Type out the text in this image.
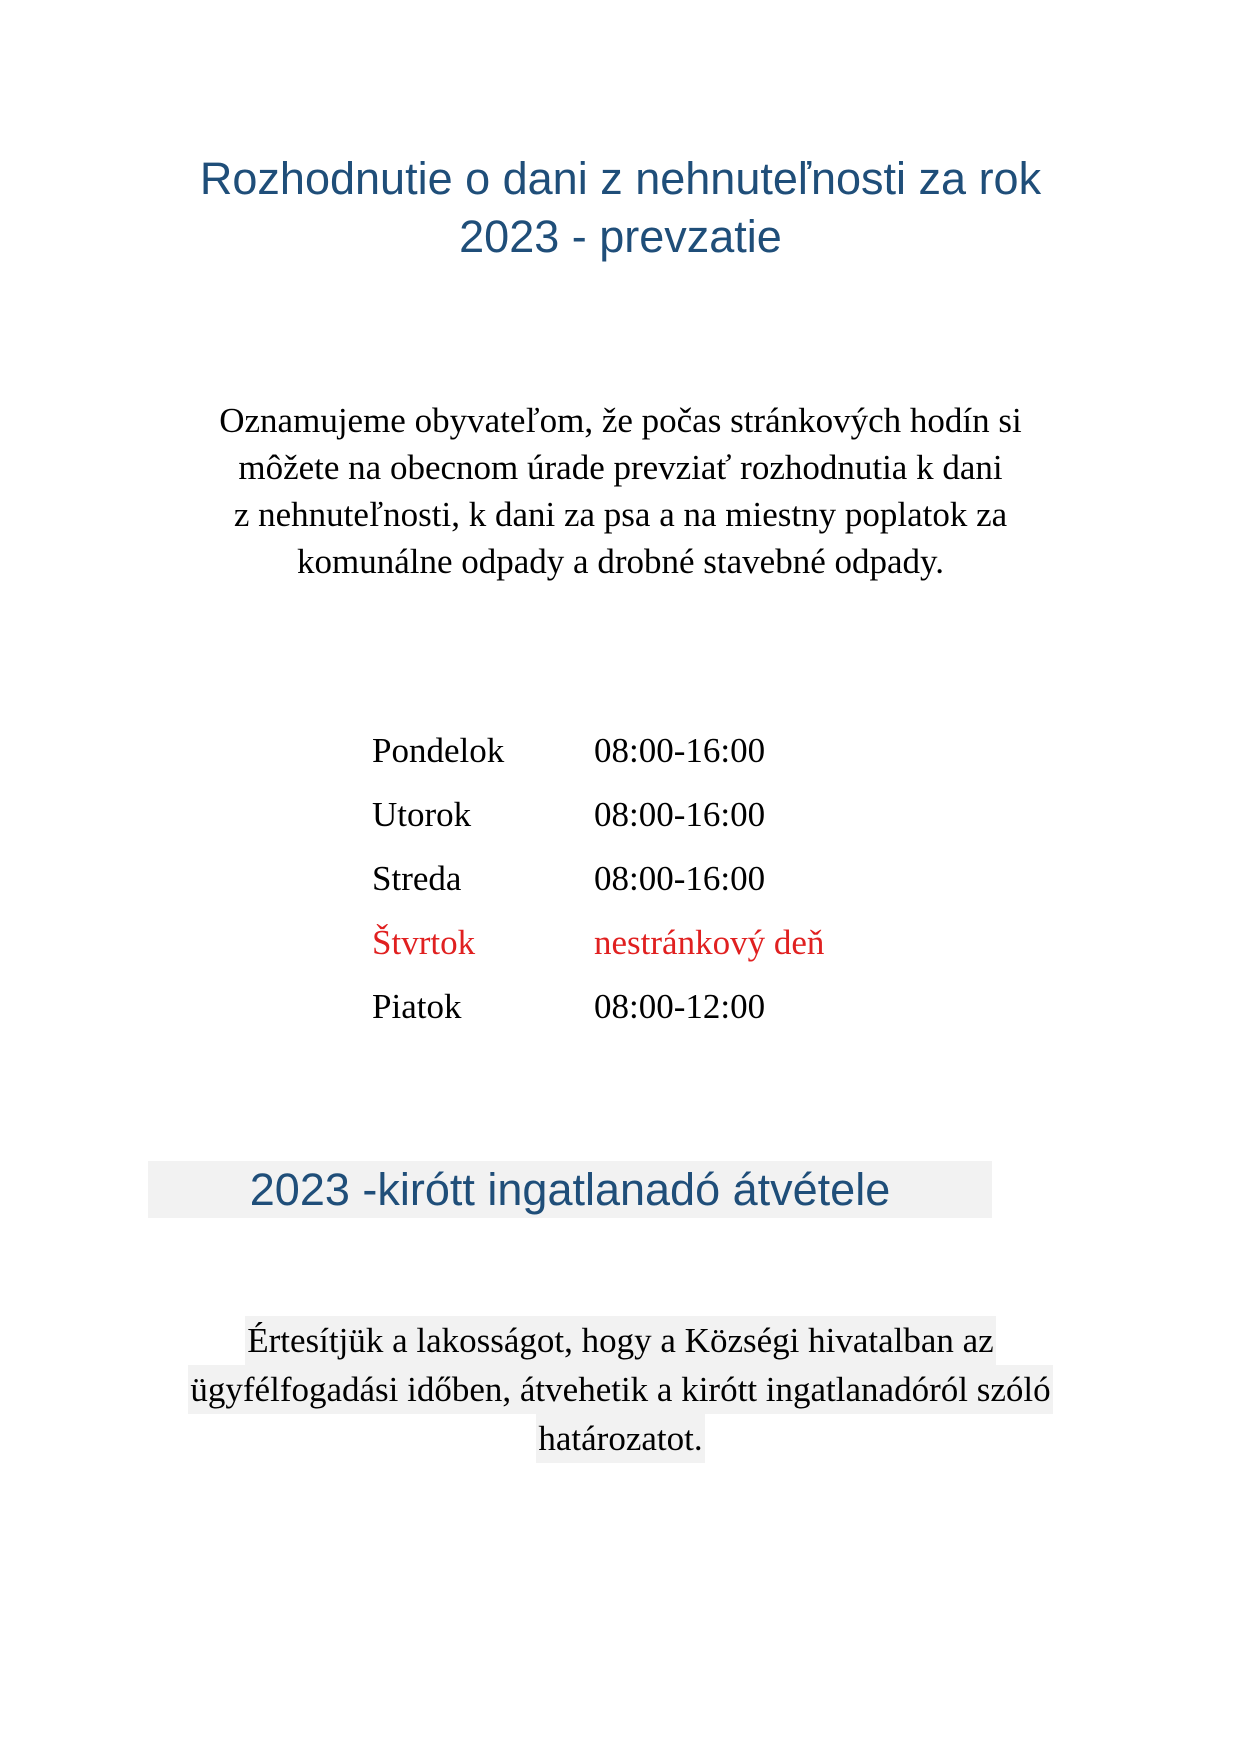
Rozhodnutie o dani z nehnuteľnosti za rok
2023 - prevzatie
Oznamujeme obyvateľom, že počas stránkových hodín si
môžete na obecnom úrade prevziať rozhodnutia k dani
z nehnuteľnosti, k dani za psa a na miestny poplatok za
komunálne odpady a drobné stavebné odpady.
Pondelok	08:00-16:00
Utorok	08:00-16:00
Streda	08:00-16:00
Štvrtok	nestránkový deň
Piatok	08:00-12:00
2023 -kirótt ingatlanadó átvétele
Értesítjük a lakosságot, hogy a Községi hivatalban az
ügyfélfogadási időben, átvehetik a kirótt ingatlanadóról szóló
határozatot.
